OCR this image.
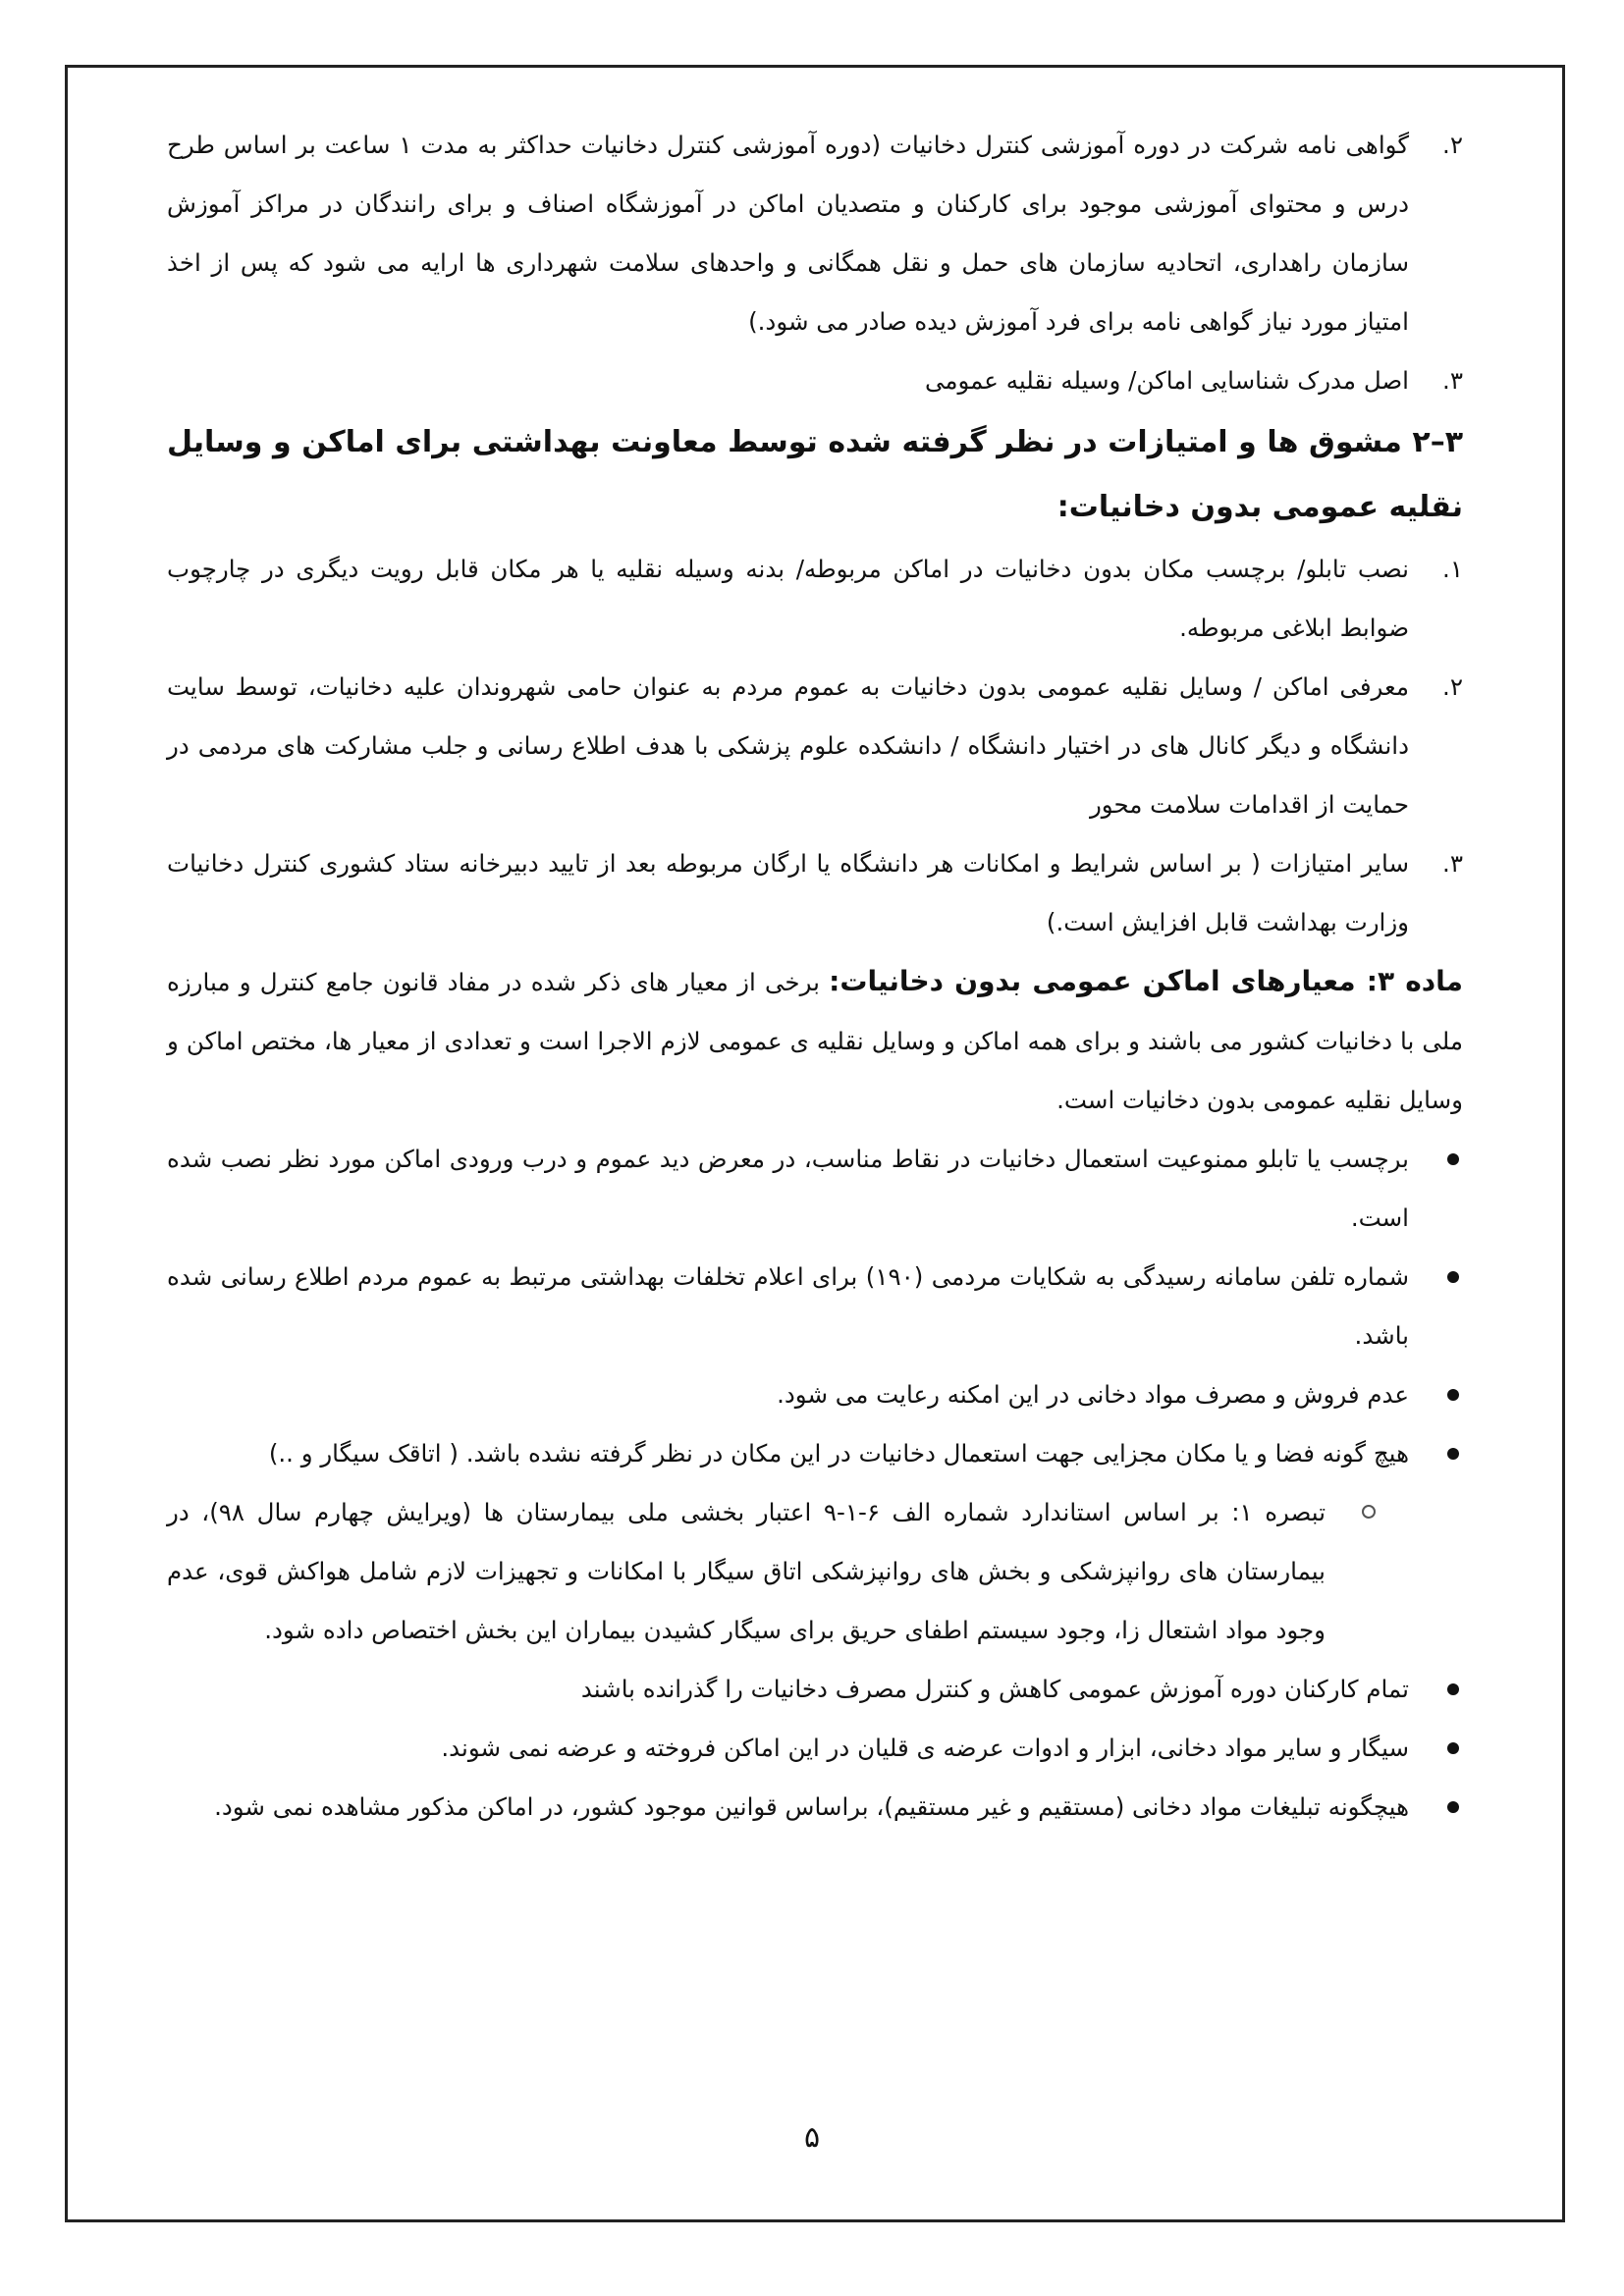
۲.

گواهی نامه شرکت در دوره آموزشی کنترل دخانیات (دوره آموزشی کنترل دخانیات حداکثر به مدت ۱ ساعت بر اساس طرح درس و محتوای آموزشی موجود برای کارکنان و متصدیان اماکن در آموزشگاه اصناف و برای رانندگان در مراکز آموزش سازمان راهداری، اتحادیه سازمان های حمل و نقل همگانی و واحدهای سلامت شهرداری ها ارایه می شود که پس از اخذ امتیاز مورد نیاز گواهی نامه برای فرد آموزش دیده صادر می شود.)

۳.

اصل مدرک شناسایی اماکن/ وسیله نقلیه عمومی

۳–۲ مشوق ها و امتیازات در نظر گرفته شده توسط معاونت بهداشتی برای اماکن و وسایل نقلیه عمومی بدون دخانیات:

۱.

نصب تابلو/ برچسب مکان بدون دخانیات در اماکن مربوطه/ بدنه وسیله نقلیه یا هر مکان قابل رویت دیگری در چارچوب ضوابط ابلاغی مربوطه.

۲.

معرفی اماکن / وسایل نقلیه عمومی بدون دخانیات به عموم مردم به عنوان حامی شهروندان علیه دخانیات، توسط سایت دانشگاه و دیگر کانال های در اختیار دانشگاه / دانشکده علوم پزشکی با هدف اطلاع رسانی و جلب مشارکت های مردمی در حمایت از اقدامات سلامت محور

۳.

سایر امتیازات ( بر اساس شرایط و امکانات هر دانشگاه یا ارگان مربوطه بعد از تایید دبیرخانه ستاد کشوری کنترل دخانیات وزارت بهداشت قابل افزایش است.)

ماده ۳: معیارهای اماکن عمومی بدون دخانیات: برخی از معیار های ذکر شده در مفاد قانون جامع کنترل و مبارزه ملی با دخانیات کشور می باشند و برای همه اماکن و وسایل نقلیه ی عمومی لازم الاجرا است و تعدادی از معیار ها، مختص اماکن و وسایل نقلیه عمومی بدون دخانیات است.

برچسب یا تابلو ممنوعیت استعمال دخانیات در نقاط مناسب، در معرض دید عموم و درب ورودی اماکن مورد نظر نصب شده است.

شماره تلفن سامانه رسیدگی به شکایات مردمی (۱۹۰) برای اعلام تخلفات بهداشتی مرتبط به عموم مردم اطلاع رسانی شده باشد.

عدم فروش و مصرف مواد دخانی در این امکنه رعایت می شود.

هیچ گونه فضا و یا مکان مجزایی جهت استعمال دخانیات در این مکان در نظر گرفته نشده باشد. ( اتاقک سیگار و ..)

تبصره ۱: بر اساس استاندارد شماره الف ۶-۱-۹ اعتبار بخشی ملی بیمارستان ها (ویرایش چهارم سال ۹۸)، در بیمارستان های روانپزشکی و بخش های روانپزشکی اتاق سیگار با امکانات و تجهیزات لازم شامل هواکش قوی، عدم وجود مواد اشتعال زا، وجود سیستم اطفای حریق برای سیگار کشیدن بیماران این بخش اختصاص داده شود.

تمام کارکنان دوره آموزش عمومی کاهش و کنترل مصرف دخانیات را گذرانده باشند

سیگار و سایر مواد دخانی، ابزار و ادوات عرضه ی قلیان در این اماکن فروخته و عرضه نمی شوند.

هیچگونه تبلیغات مواد دخانی (مستقیم و غیر مستقیم)، براساس قوانین موجود کشور، در اماکن مذکور مشاهده نمی شود.

۵
